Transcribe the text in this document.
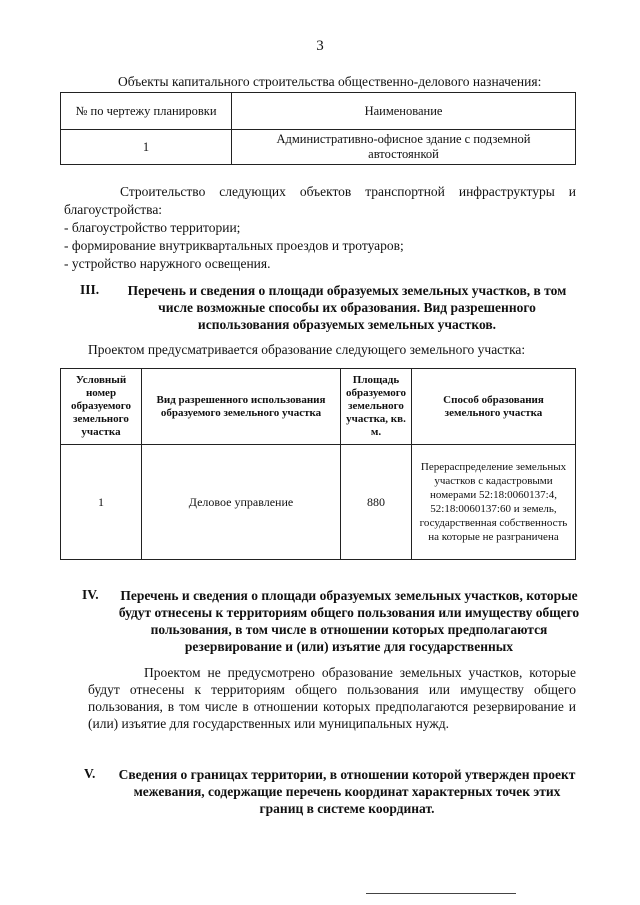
3
Объекты капитального строительства общественно-делового назначения:
№ по чертежу планировки	Наименование
1	Административно-офисное здание с подземной автостоянкой
Строительство следующих объектов транспортной инфраструктуры и благоустройства:
- благоустройство территории;
- формирование внутриквартальных проездов и тротуаров;
- устройство наружного освещения.
III.	Перечень и сведения о площади образуемых земельных участков, в том числе возможные способы их образования. Вид разрешенного использования образуемых земельных участков.
Проектом предусматривается образование следующего земельного участка:
Условный номер образуемого земельного участка	Вид разрешенного использования образуемого земельного участка	Площадь образуемого земельного участка, кв. м.	Способ образования земельного участка
1	Деловое управление	880	Перераспределение земельных участков с кадастровыми номерами 52:18:0060137:4, 52:18:0060137:60 и земель, государственная собственность на которые не разграничена
IV.	Перечень и сведения о площади образуемых земельных участков, которые будут отнесены к территориям общего пользования или имуществу общего пользования, в том числе в отношении которых предполагаются резервирование и (или) изъятие для государственных
Проектом не предусмотрено образование земельных участков, которые будут отнесены к территориям общего пользования или имуществу общего пользования, в том числе в отношении которых предполагаются резервирование и (или) изъятие для государственных или муниципальных нужд.
V.	Сведения о границах территории, в отношении которой утвержден проект межевания, содержащие перечень координат характерных точек этих границ в системе координат.
